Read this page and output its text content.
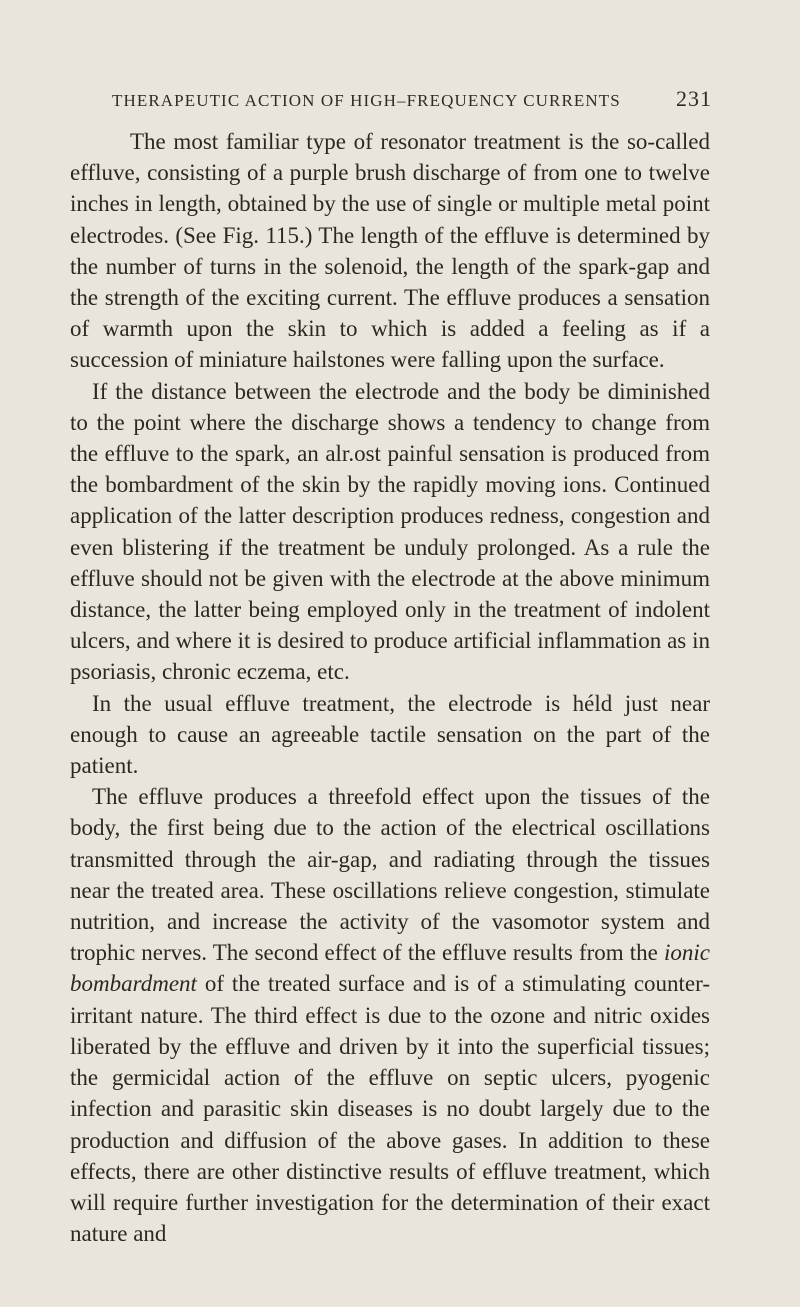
THERAPEUTIC ACTION OF HIGH–FREQUENCY CURRENTS	231

The most familiar type of resonator treatment is the so-called effluve, consisting of a purple brush discharge of from one to twelve inches in length, obtained by the use of single or multiple metal point electrodes. (See Fig. 115.) The length of the effluve is determined by the number of turns in the solenoid, the length of the spark-gap and the strength of the exciting current. The effluve produces a sensation of warmth upon the skin to which is added a feeling as if a succession of miniature hailstones were falling upon the surface.

If the distance between the electrode and the body be diminished to the point where the discharge shows a tendency to change from the effluve to the spark, an alr.ost painful sensation is produced from the bombardment of the skin by the rapidly moving ions. Continued application of the latter description produces redness, congestion and even blistering if the treatment be unduly prolonged. As a rule the effluve should not be given with the electrode at the above minimum distance, the latter being employed only in the treatment of indolent ulcers, and where it is desired to produce artificial inflammation as in psoriasis, chronic eczema, etc.

In the usual effluve treatment, the electrode is héld just near enough to cause an agreeable tactile sensation on the part of the patient.

The effluve produces a threefold effect upon the tissues of the body, the first being due to the action of the electrical oscillations transmitted through the air-gap, and radiating through the tissues near the treated area. These oscillations relieve congestion, stimulate nutrition, and increase the activity of the vasomotor system and trophic nerves. The second effect of the effluve results from the ionic bombardment of the treated surface and is of a stimulating counter-irritant nature. The third effect is due to the ozone and nitric oxides liberated by the effluve and driven by it into the superficial tissues; the germicidal action of the effluve on septic ulcers, pyogenic infection and parasitic skin diseases is no doubt largely due to the production and diffusion of the above gases. In addition to these effects, there are other distinctive results of effluve treatment, which will require further investigation for the determination of their exact nature and
